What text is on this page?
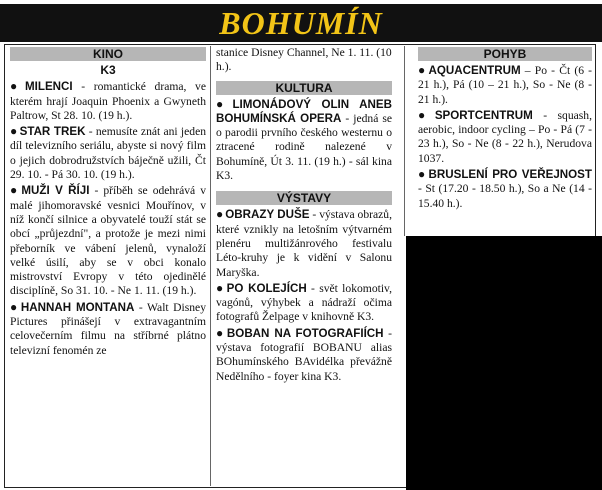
BOHUMÍN
KINO
K3
● MILENCI - romantické drama, ve kterém hrají Joaquin Phoenix a Gwyneth Paltrow, St 28. 10. (19 h.).
● STAR TREK - nemusíte znát ani jeden díl televizního seriálu, abyste si nový film o jejich dobrodružstvích báječně užili, Čt 29. 10. - Pá 30. 10. (19 h.).
● MUŽI V ŘÍJI - příběh se odehrává v malé jihomoravské vesnici Mouřínov, v níž končí silnice a obyvatelé touží stát se obcí „průjezdní", a protože je mezi nimi přeborník ve vábení jelenů, vynaloží velké úsilí, aby se v obci konalo mistrovství Evropy v této ojedinělé disciplíně, So 31. 10. - Ne 1. 11. (19 h.).
● HANNAH MONTANA - Walt Disney Pictures přinášejí v extravagantním celovečerním filmu na stříbrné plátno televizní fenomén ze
stanice Disney Channel, Ne 1. 11. (10 h.).
KULTURA
● LIMONÁDOVÝ OLIN ANEB BOHUMÍNSKÁ OPERA - jedná se o parodii prvního českého westernu o ztracené rodině nalezené v Bohumíně, Út 3. 11. (19 h.) - sál kina K3.
VÝSTAVY
● OBRAZY DUŠE - výstava obrazů, které vznikly na letošním výtvarném plenéru multižánrového festivalu Léto-kruhy je k vidění v Salonu Maryška.
● PO KOLEJÍCH - svět lokomotiv, vagónů, výhybek a nádraží očima fotografů Želpage v knihovně K3.
● BOBAN NA FOTOGRAFIÍCH - výstava fotografií BOBANU alias BOhumínského BAvidélka převážně Nedělního - foyer kina K3.
POHYB
● AQUACENTRUM – Po - Čt (6 - 21 h.), Pá (10 – 21 h.), So - Ne (8 - 21 h.).
● SPORTCENTRUM - squash, aerobic, indoor cycling – Po - Pá (7 - 23 h.), So - Ne (8 - 22 h.), Nerudova 1037.
● BRUSLENÍ PRO VEŘEJNOST - St (17.20 - 18.50 h.), So a Ne (14 - 15.40 h.).
